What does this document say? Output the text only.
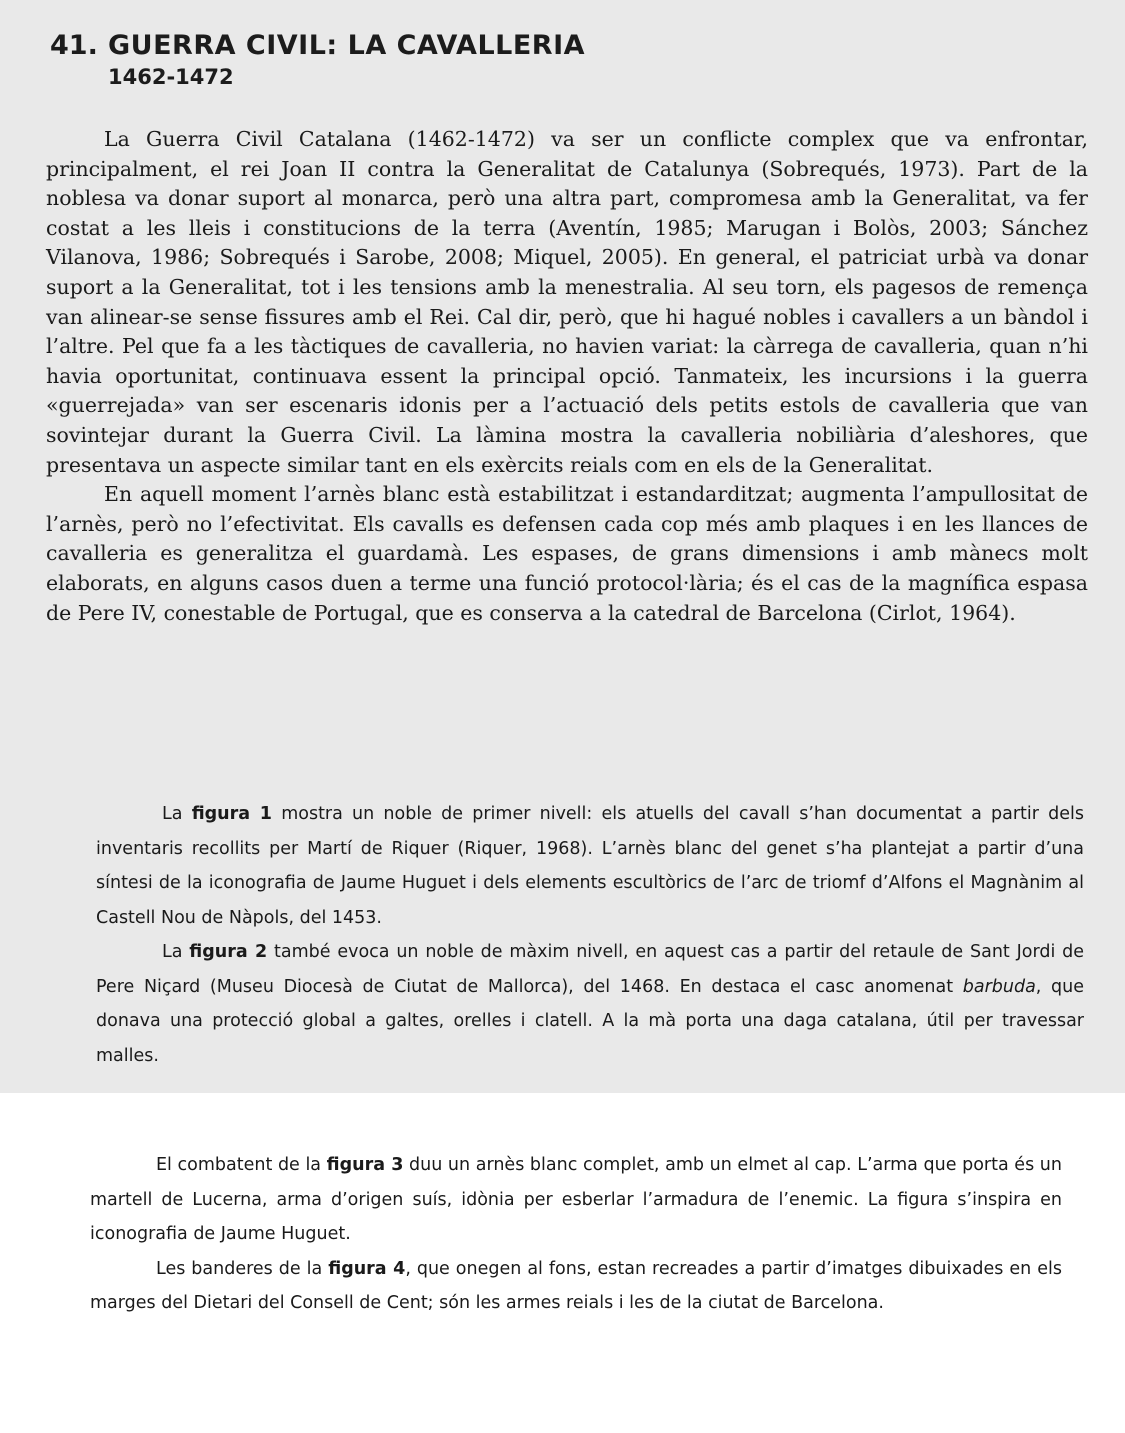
41. GUERRA CIVIL: LA CAVALLERIA
1462-1472

La Guerra Civil Catalana (1462-1472) va ser un conflicte complex que va enfrontar, principalment, el rei Joan II contra la Generalitat de Catalunya (Sobrequés, 1973). Part de la noblesa va donar suport al monarca, però una altra part, compromesa amb la Generalitat, va fer costat a les lleis i constitucions de la terra (Aventín, 1985; Marugan i Bolòs, 2003; Sánchez Vilanova, 1986; Sobrequés i Sarobe, 2008; Miquel, 2005). En general, el patriciat urbà va donar suport a la Generalitat, tot i les tensions amb la menestralia. Al seu torn, els pagesos de remença van alinear-se sense fissures amb el Rei. Cal dir, però, que hi hagué nobles i cavallers a un bàndol i l’altre. Pel que fa a les tàctiques de cavalleria, no havien variat: la càrrega de cavalleria, quan n’hi havia oportunitat, continuava essent la principal opció. Tanmateix, les incursions i la guerra «guerrejada» van ser escenaris idonis per a l’actuació dels petits estols de cavalleria que van sovintejar durant la Guerra Civil. La làmina mostra la cavalleria nobiliària d’aleshores, que presentava un aspecte similar tant en els exèrcits reials com en els de la Generalitat.

En aquell moment l’arnès blanc està estabilitzat i estandarditzat; augmenta l’ampullositat de l’arnès, però no l’efectivitat. Els cavalls es defensen cada cop més amb plaques i en les llances de cavalleria es generalitza el guardamà. Les espases, de grans dimensions i amb mànecs molt elaborats, en alguns casos duen a terme una funció protocol·lària; és el cas de la magnífica espasa de Pere IV, conestable de Portugal, que es conserva a la catedral de Barcelona (Cirlot, 1964).

La figura 1 mostra un noble de primer nivell: els atuells del cavall s’han documentat a partir dels inventaris recollits per Martí de Riquer (Riquer, 1968). L’arnès blanc del genet s’ha plantejat a partir d’una síntesi de la iconografia de Jaume Huguet i dels elements escultòrics de l’arc de triomf d’Alfons el Magnànim al Castell Nou de Nàpols, del 1453.

La figura 2 també evoca un noble de màxim nivell, en aquest cas a partir del retaule de Sant Jordi de Pere Niçard (Museu Diocesà de Ciutat de Mallorca), del 1468. En destaca el casc anomenat barbuda, que donava una protecció global a galtes, orelles i clatell. A la mà porta una daga catalana, útil per travessar malles.

El combatent de la figura 3 duu un arnès blanc complet, amb un elmet al cap. L’arma que porta és un martell de Lucerna, arma d’origen suís, idònia per esberlar l’armadura de l’enemic. La figura s’inspira en iconografia de Jaume Huguet.

Les banderes de la figura 4, que onegen al fons, estan recreades a partir d’imatges dibuixades en els marges del Dietari del Consell de Cent; són les armes reials i les de la ciutat de Barcelona.
